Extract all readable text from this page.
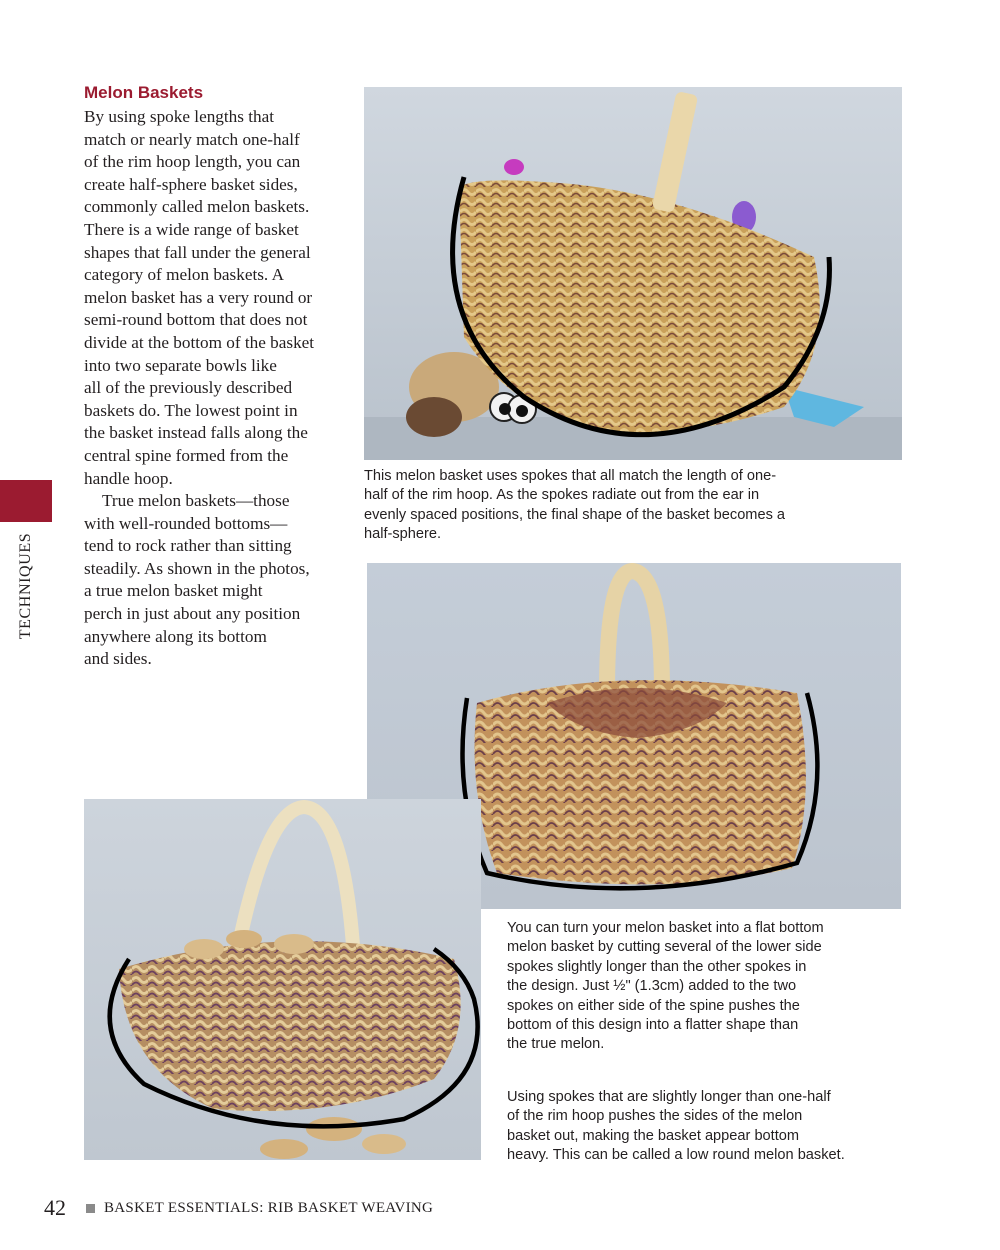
Melon Baskets

By using spoke lengths that
match or nearly match one-half
of the rim hoop length, you can
create half-sphere basket sides,
commonly called melon baskets.
There is a wide range of basket
shapes that fall under the general
category of melon baskets. A
melon basket has a very round or
semi-round bottom that does not
divide at the bottom of the basket
into two separate bowls like
all of the previously described
baskets do. The lowest point in
the basket instead falls along the
central spine formed from the
handle hoop.

True melon baskets—those
with well-rounded bottoms—
tend to rock rather than sitting
steadily. As shown in the photos,
a true melon basket might
perch in just about any position
anywhere along its bottom
and sides.

TECHNIQUES

This melon basket uses spokes that all match the length of one-
half of the rim hoop. As the spokes radiate out from the ear in
evenly spaced positions, the final shape of the basket becomes a
half-sphere.

You can turn your melon basket into a flat bottom
melon basket by cutting several of the lower side
spokes slightly longer than the other spokes in
the design. Just ½" (1.3cm) added to the two
spokes on either side of the spine pushes the
bottom of this design into a flatter shape than
the true melon.

Using spokes that are slightly longer than one-half
of the rim hoop pushes the sides of the melon
basket out, making the basket appear bottom
heavy. This can be called a low round melon basket.

42	BASKET ESSENTIALS: RIB BASKET WEAVING
